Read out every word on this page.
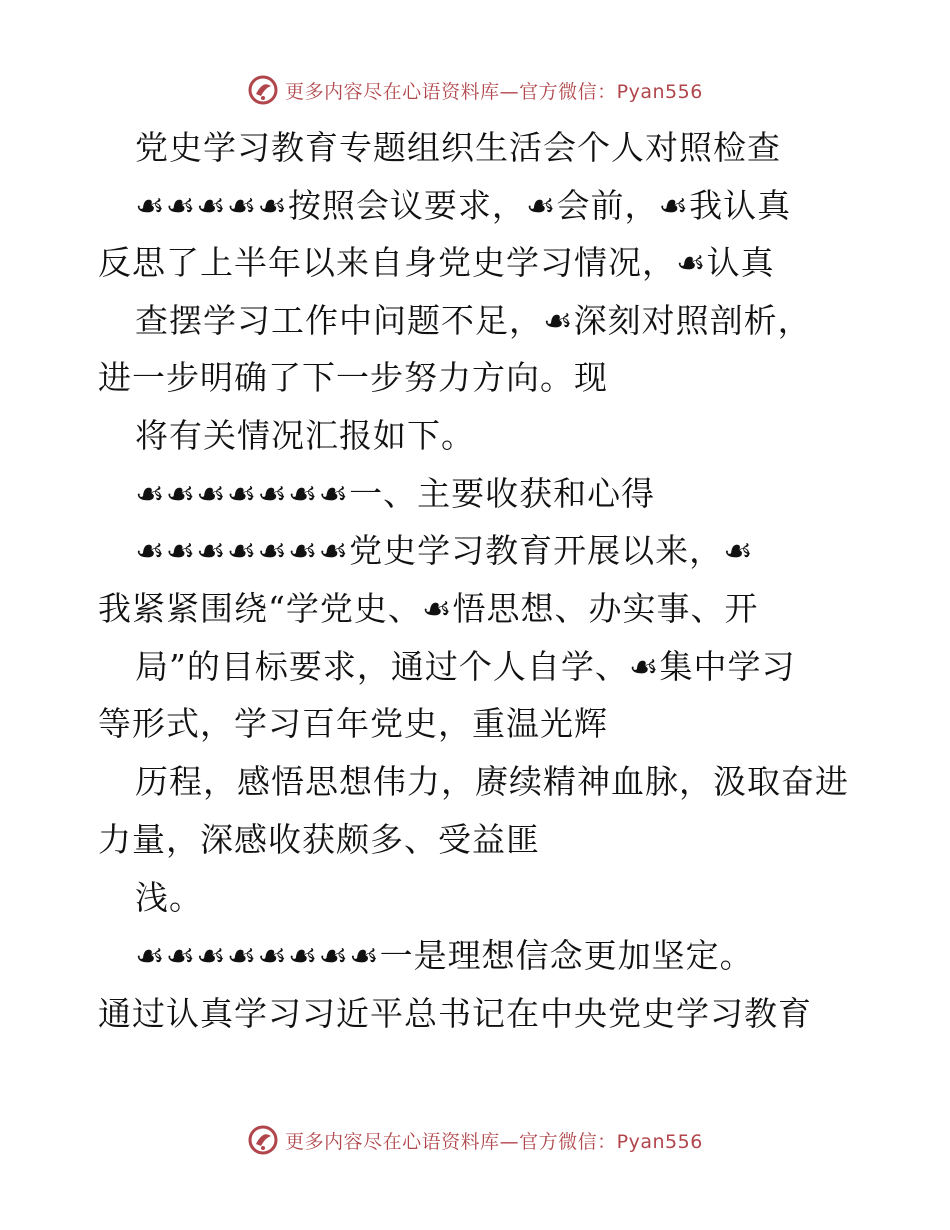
更多内容尽在心语资料库—官方微信：Pyan556
党史学习教育专题组织生活会个人对照检查
☙☙☙☙☙按照会议要求，☙会前，☙我认真
反思了上半年以来自身党史学习情况，☙认真
查摆学习工作中问题不足，☙深刻对照剖析，
进一步明确了下一步努力方向。现
将有关情况汇报如下。
☙☙☙☙☙☙☙一、主要收获和心得
☙☙☙☙☙☙☙党史学习教育开展以来，☙
我紧紧围绕“学党史、☙悟思想、办实事、开
局”的目标要求，通过个人自学、☙集中学习
等形式，学习百年党史，重温光辉
历程，感悟思想伟力，赓续精神血脉，汲取奋进
力量，深感收获颇多、受益匪
浅。
☙☙☙☙☙☙☙☙一是理想信念更加坚定。
通过认真学习习近平总书记在中央党史学习教育
更多内容尽在心语资料库—官方微信：Pyan556
